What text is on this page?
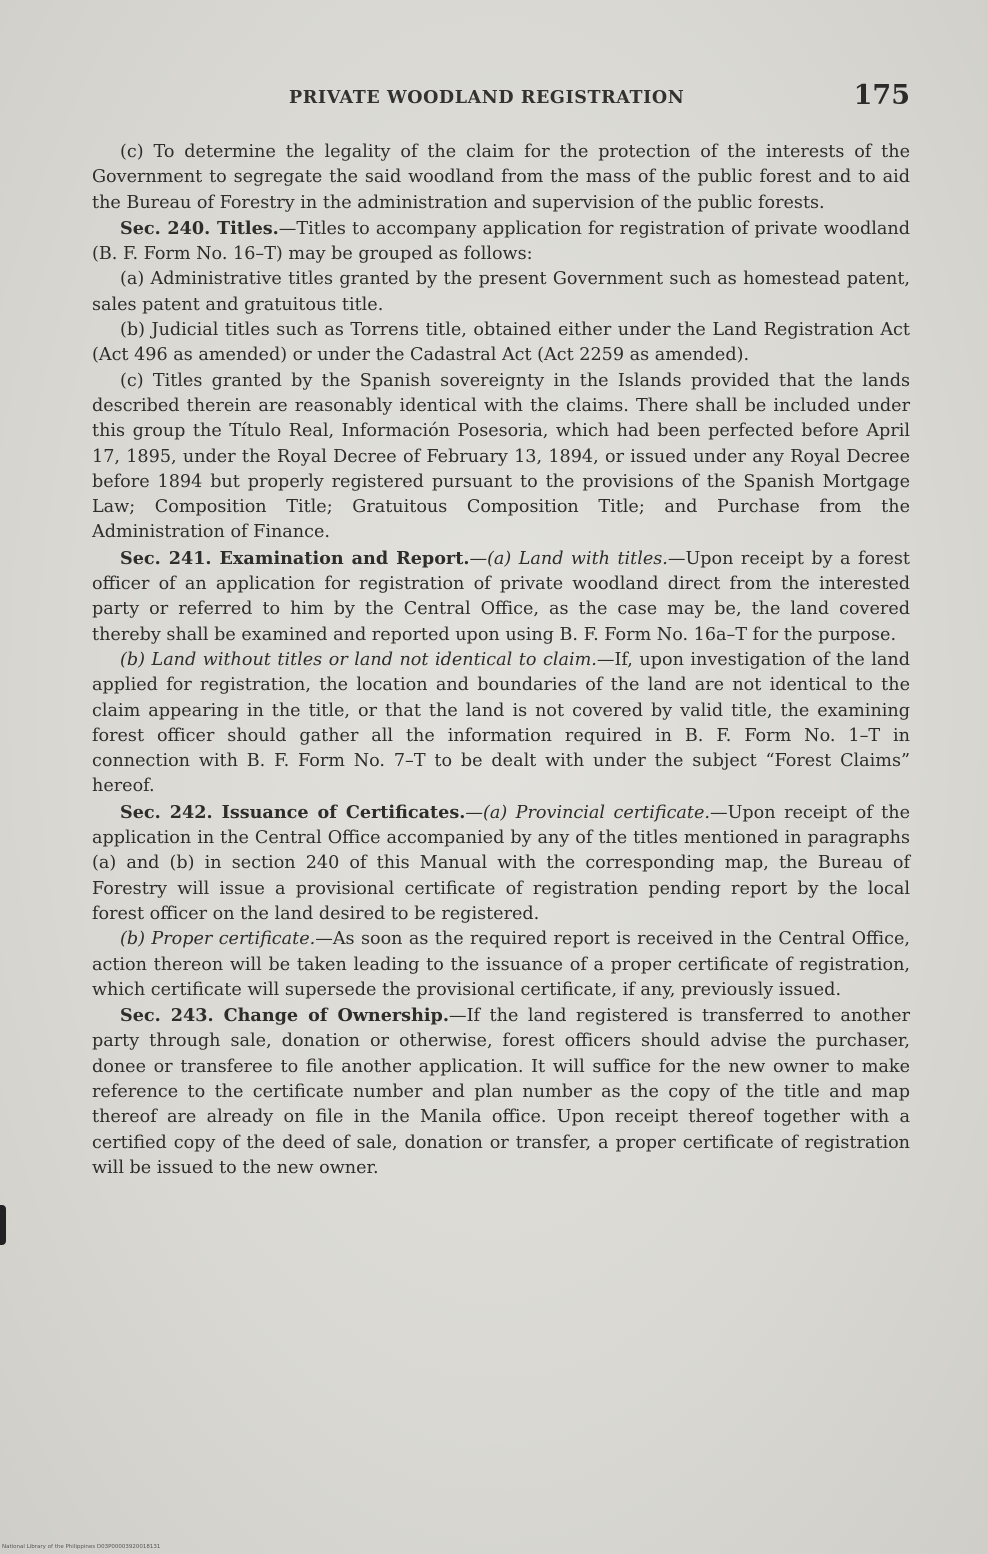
PRIVATE WOODLAND REGISTRATION	175

(c) To determine the legality of the claim for the protection of the interests of the Government to segregate the said woodland from the mass of the public forest and to aid the Bureau of Forestry in the administration and supervision of the public forests.

Sec. 240. Titles.—Titles to accompany application for registration of private woodland (B. F. Form No. 16–T) may be grouped as follows:

(a) Administrative titles granted by the present Government such as homestead patent, sales patent and gratuitous title.

(b) Judicial titles such as Torrens title, obtained either under the Land Registration Act (Act 496 as amended) or under the Cadastral Act (Act 2259 as amended).

(c) Titles granted by the Spanish sovereignty in the Islands provided that the lands described therein are reasonably identical with the claims. There shall be included under this group the Título Real, Información Posesoria, which had been perfected before April 17, 1895, under the Royal Decree of February 13, 1894, or issued under any Royal Decree before 1894 but properly registered pursuant to the provisions of the Spanish Mortgage Law; Composition Title; Gratuitous Composition Title; and Purchase from the Administration of Finance.

Sec. 241. Examination and Report.—(a) Land with titles.—Upon receipt by a forest officer of an application for registration of private woodland direct from the interested party or referred to him by the Central Office, as the case may be, the land covered thereby shall be examined and reported upon using B. F. Form No. 16a–T for the purpose.

(b) Land without titles or land not identical to claim.—If, upon investigation of the land applied for registration, the location and boundaries of the land are not identical to the claim appearing in the title, or that the land is not covered by valid title, the examining forest officer should gather all the information required in B. F. Form No. 1–T in connection with B. F. Form No. 7–T to be dealt with under the subject “Forest Claims” hereof.

Sec. 242. Issuance of Certificates.—(a) Provincial certificate.—Upon receipt of the application in the Central Office accompanied by any of the titles mentioned in paragraphs (a) and (b) in section 240 of this Manual with the corresponding map, the Bureau of Forestry will issue a provisional certificate of registration pending report by the local forest officer on the land desired to be registered.

(b) Proper certificate.—As soon as the required report is received in the Central Office, action thereon will be taken leading to the issuance of a proper certificate of registration, which certificate will supersede the provisional certificate, if any, previously issued.

Sec. 243. Change of Ownership.—If the land registered is transferred to another party through sale, donation or otherwise, forest officers should advise the purchaser, donee or transferee to file another application. It will suffice for the new owner to make reference to the certificate number and plan number as the copy of the title and map thereof are already on file in the Manila office. Upon receipt thereof together with a certified copy of the deed of sale, donation or transfer, a proper certificate of registration will be issued to the new owner.

National Library of the Philippines D03P00003920018131
